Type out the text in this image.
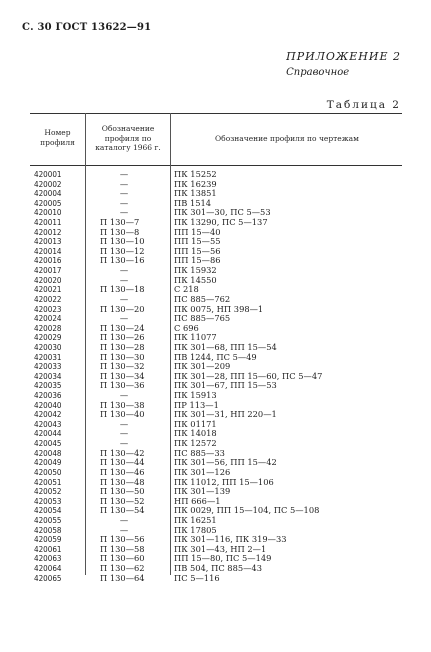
С. 30 ГОСТ 13622—91
ПРИЛОЖЕНИЕ 2
Справочное
Таблица 2
Номер профиля
Обозначение профиля по каталогу 1966 г.
Обозначение профиля по чертежам
420001	—	ПК 15252
420002	—	ПК 16239
420004	—	ПК 13851
420005	—	ПВ 1514
420010	—	ПК 301—30, ПС 5—53
420011	П 130—7	ПК 13290, ПС 5—137
420012	П 130—8	ПП 15—40
420013	П 130—10	ПП 15—55
420014	П 130—12	ПП 15—56
420016	П 130—16	ПП 15—86
420017	—	ПК 15932
420020	—	ПК 14550
420021	П 130—18	С 218
420022	—	ПС 885—762
420023	П 130—20	ПК 0075, НП 398—1
420024	—	ПС 885—765
420028	П 130—24	С 696
420029	П 130—26	ПК 11077
420030	П 130—28	ПК 301—68, ПП 15—54
420031	П 130—30	ПВ 1244, ПС 5—49
420033	П 130—32	ПК 301—209
420034	П 130—34	ПК 301—28, ПП 15—60, ПС 5—47
420035	П 130—36	ПК 301—67, ПП 15—53
420036	—	ПК 15913
420040	П 130—38	ПР 113—1
420042	П 130—40	ПК 301—31, НП 220—1
420043	—	ПК 01171
420044	—	ПК 14018
420045	—	ПК 12572
420048	П 130—42	ПС 885—33
420049	П 130—44	ПК 301—56, ПП 15—42
420050	П 130—46	ПК 301—126
420051	П 130—48	ПК 11012, ПП 15—106
420052	П 130—50	ПК 301—139
420053	П 130—52	НП 666—1
420054	П 130—54	ПК 0029, ПП 15—104, ПС 5—108
420055	—	ПК 16251
420058	—	ПК 17805
420059	П 130—56	ПК 301—116, ПК 319—33
420061	П 130—58	ПК 301—43, НП 2—1
420063	П 130—60	ПП 15—80, ПС 5—149
420064	П 130—62	ПВ 504, ПС 885—43
420065	П 130—64	ПС 5—116
